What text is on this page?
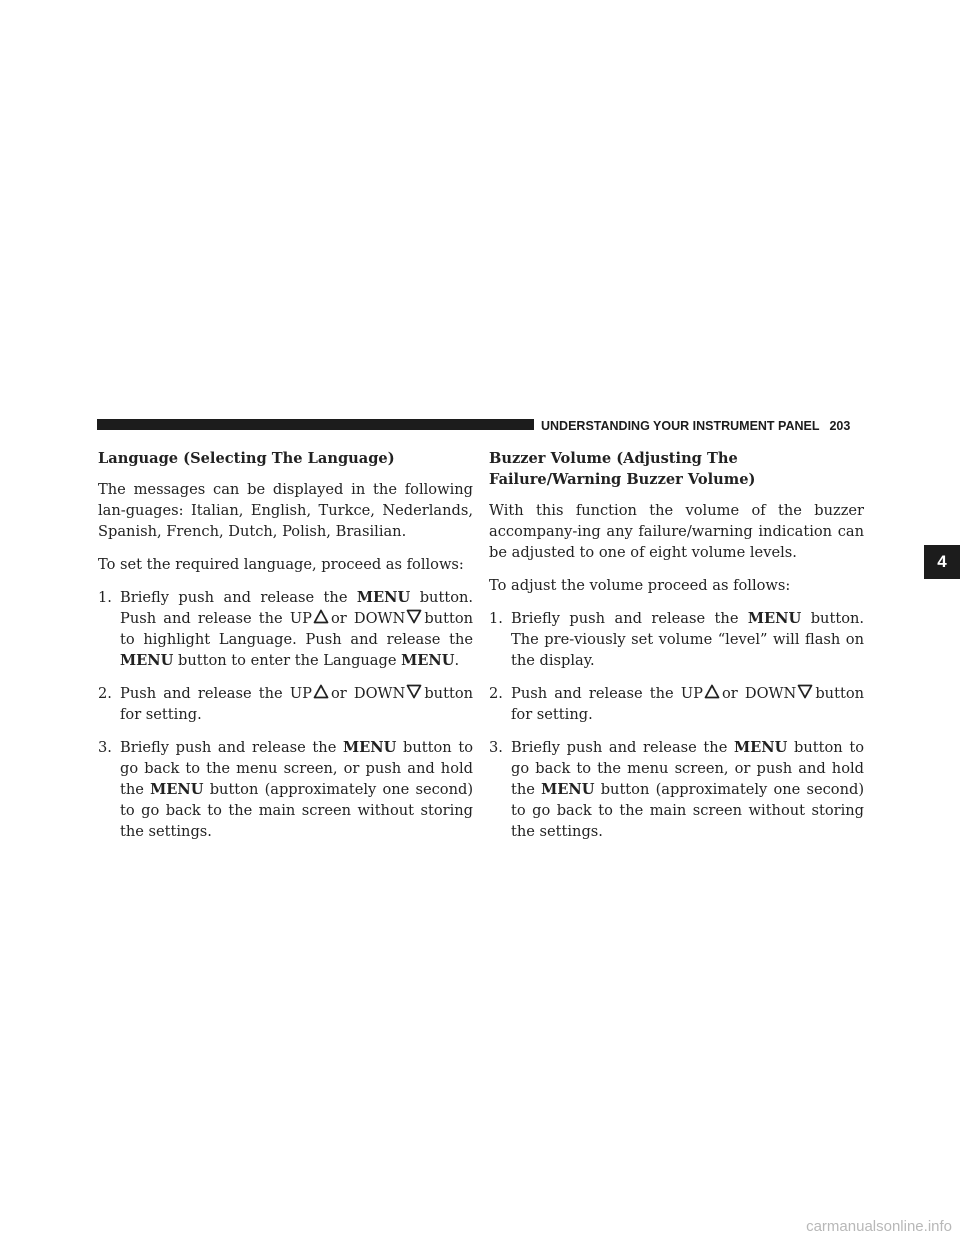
UNDERSTANDING YOUR INSTRUMENT PANEL 203
4
Language (Selecting The Language)

The messages can be displayed in the following lan-guages: Italian, English, Turkce, Nederlands, Spanish, French, Dutch, Polish, Brasilian.

To set the required language, proceed as follows:

1. Briefly push and release the MENU button. Push and release the UP or DOWN button to highlight Language. Push and release the MENU button to enter the Language MENU.
2. Push and release the UP or DOWN button for setting.
3. Briefly push and release the MENU button to go back to the menu screen, or push and hold the MENU button (approximately one second) to go back to the main screen without storing the settings.
Buzzer Volume (Adjusting The Failure/Warning Buzzer Volume)

With this function the volume of the buzzer accompany-ing any failure/warning indication can be adjusted to one of eight volume levels.

To adjust the volume proceed as follows:

1. Briefly push and release the MENU button. The pre-viously set volume “level” will flash on the display.
2. Push and release the UP or DOWN button for setting.
3. Briefly push and release the MENU button to go back to the menu screen, or push and hold the MENU button (approximately one second) to go back to the main screen without storing the settings.
carmanualsonline.info
